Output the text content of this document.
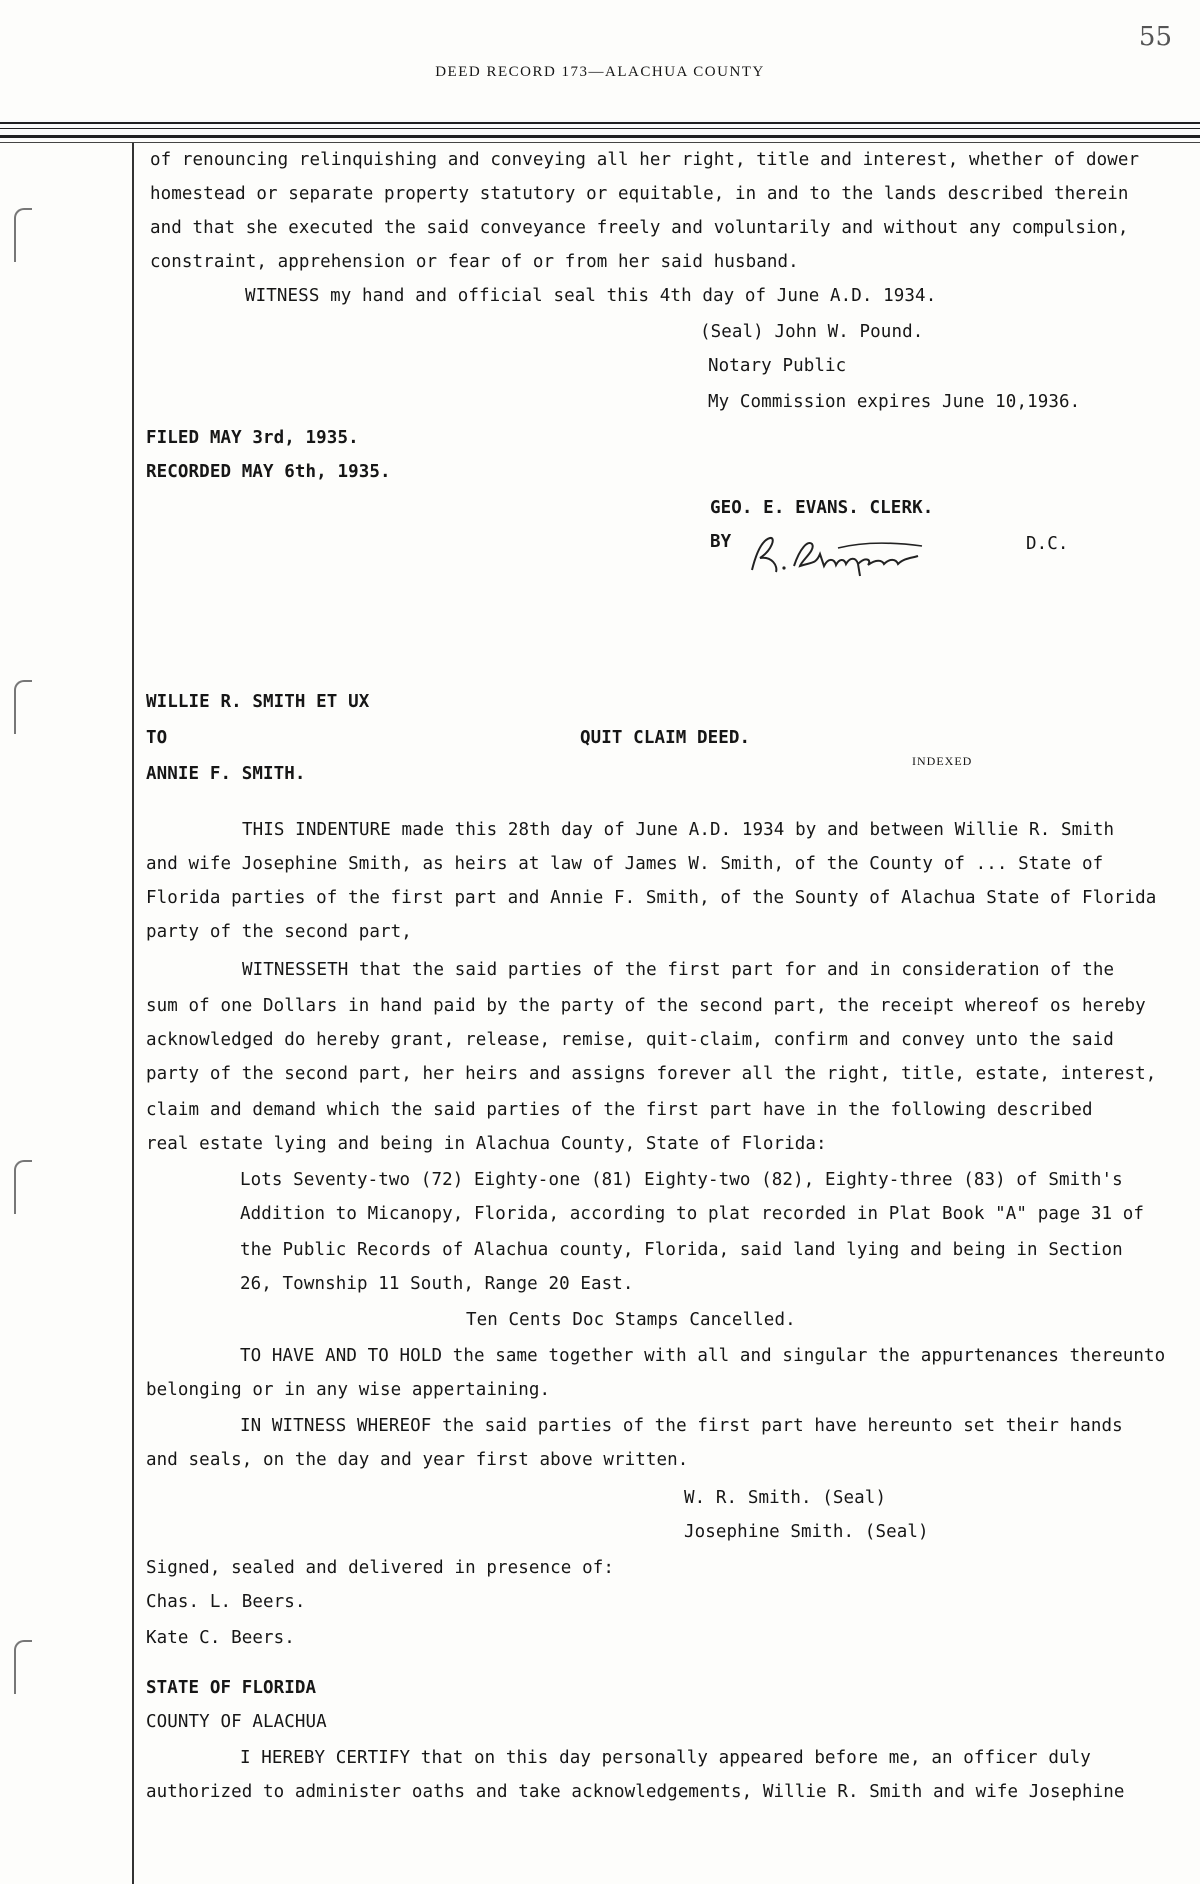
55
DEED RECORD 173—ALACHUA COUNTY
of renouncing relinquishing and conveying all her right, title and interest, whether of dower
homestead or separate property statutory or equitable, in and to the lands described therein
and that she executed the said conveyance freely and voluntarily and without any compulsion,
constraint, apprehension or fear of or from her said husband.
WITNESS my hand and official seal this 4th day of June A.D. 1934.
(Seal) John W. Pound.
Notary Public
My Commission expires June 10,1936.
FILED MAY 3rd, 1935.
RECORDED MAY 6th, 1935.
GEO. E. EVANS. CLERK.
BY	D.C.
WILLIE R. SMITH ET UX
TO	QUIT CLAIM DEED.
ANNIE F. SMITH.
THIS INDENTURE made this 28th day of June A.D. 1934 by and between Willie R. Smith
and wife Josephine Smith, as heirs at law of James W. Smith, of the County of ... State of
Florida parties of the first part and Annie F. Smith, of the Sounty of Alachua State of Florida
party of the second part,
WITNESSETH that the said parties of the first part for and in consideration of the
sum of one Dollars in hand paid by the party of the second part, the receipt whereof os hereby
acknowledged do hereby grant, release, remise, quit-claim, confirm and convey unto the said
party of the second part, her heirs and assigns forever all the right, title, estate, interest,
claim and demand which the said parties of the first part have in the following described
real estate lying and being in Alachua County, State of Florida:
Lots Seventy-two (72) Eighty-one (81) Eighty-two (82), Eighty-three (83) of Smith's
Addition to Micanopy, Florida, according to plat recorded in Plat Book "A" page 31 of
the Public Records of Alachua county, Florida, said land lying and being in Section
26, Township 11 South, Range 20 East.
Ten Cents Doc Stamps Cancelled.
TO HAVE AND TO HOLD the same together with all and singular the appurtenances thereunto
belonging or in any wise appertaining.
IN WITNESS WHEREOF the said parties of the first part have hereunto set their hands
and seals, on the day and year first above written.
W. R. Smith. (Seal)
Josephine Smith. (Seal)
Signed, sealed and delivered in presence of:
Chas. L. Beers.
Kate C. Beers.
STATE OF FLORIDA
COUNTY OF ALACHUA
I HEREBY CERTIFY that on this day personally appeared before me, an officer duly
authorized to administer oaths and take acknowledgements, Willie R. Smith and wife Josephine
INDEXED
